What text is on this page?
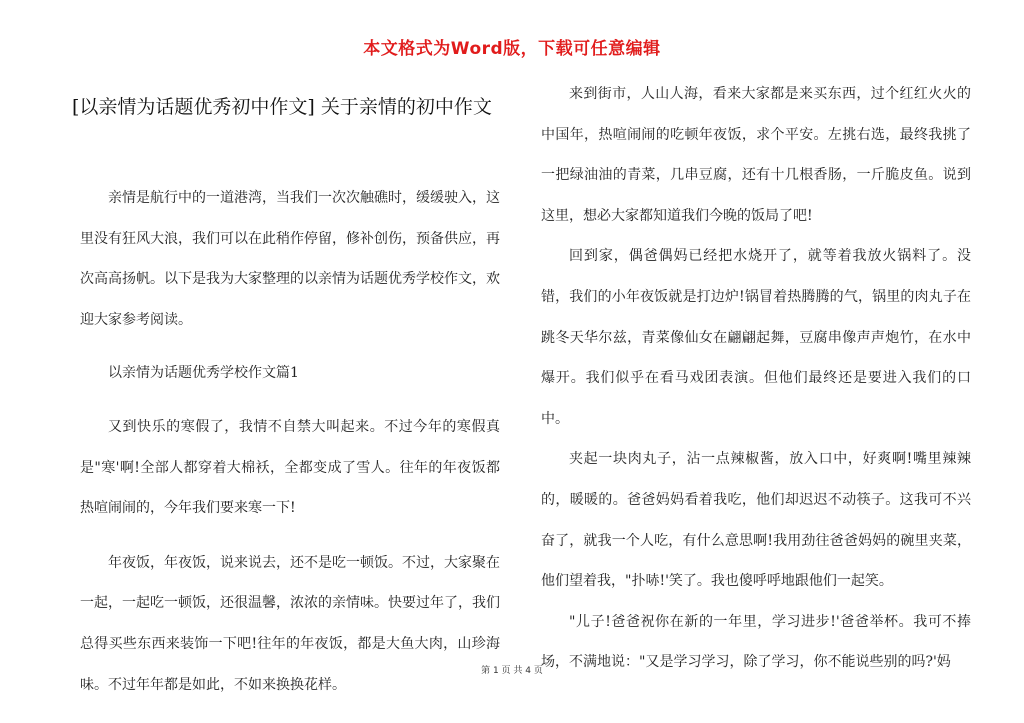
本文格式为Word版，下载可任意编辑
[以亲情为话题优秀初中作文] 关于亲情的初中作文

亲情是航行中的一道港湾，当我们一次次触礁时，缓缓驶入，这里没有狂风大浪，我们可以在此稍作停留，修补创伤，预备供应，再次高高扬帆。以下是我为大家整理的以亲情为话题优秀学校作文，欢迎大家参考阅读。

以亲情为话题优秀学校作文篇1

又到快乐的寒假了，我情不自禁大叫起来。不过今年的寒假真是"寒'啊!全部人都穿着大棉袄，全都变成了雪人。往年的年夜饭都热喧闹闹的，今年我们要来寒一下!

年夜饭，年夜饭，说来说去，还不是吃一顿饭。不过，大家聚在一起，一起吃一顿饭，还很温馨，浓浓的亲情味。快要过年了，我们总得买些东西来装饰一下吧!往年的年夜饭，都是大鱼大肉，山珍海味。不过年年都是如此，不如来换换花样。

来到街市，人山人海，看来大家都是来买东西，过个红红火火的中国年，热喧闹闹的吃顿年夜饭，求个平安。左挑右选，最终我挑了一把绿油油的青菜，几串豆腐，还有十几根香肠，一斤脆皮鱼。说到这里，想必大家都知道我们今晚的饭局了吧!

回到家，偶爸偶妈已经把水烧开了，就等着我放火锅料了。没错，我们的小年夜饭就是打边炉!锅冒着热腾腾的气，锅里的肉丸子在跳冬天华尔兹，青菜像仙女在翩翩起舞，豆腐串像声声炮竹，在水中爆开。我们似乎在看马戏团表演。但他们最终还是要进入我们的口中。

夹起一块肉丸子，沾一点辣椒酱，放入口中，好爽啊!嘴里辣辣的，暖暖的。爸爸妈妈看着我吃，他们却迟迟不动筷子。这我可不兴奋了，就我一个人吃，有什么意思啊!我用劲往爸爸妈妈的碗里夹菜，他们望着我，"扑哧!'笑了。我也傻呼呼地跟他们一起笑。

"儿子!爸爸祝你在新的一年里，学习进步!'爸爸举杯。我可不捧场，不满地说："又是学习学习，除了学习，你不能说些别的吗?'妈

第 1 页 共 4 页
